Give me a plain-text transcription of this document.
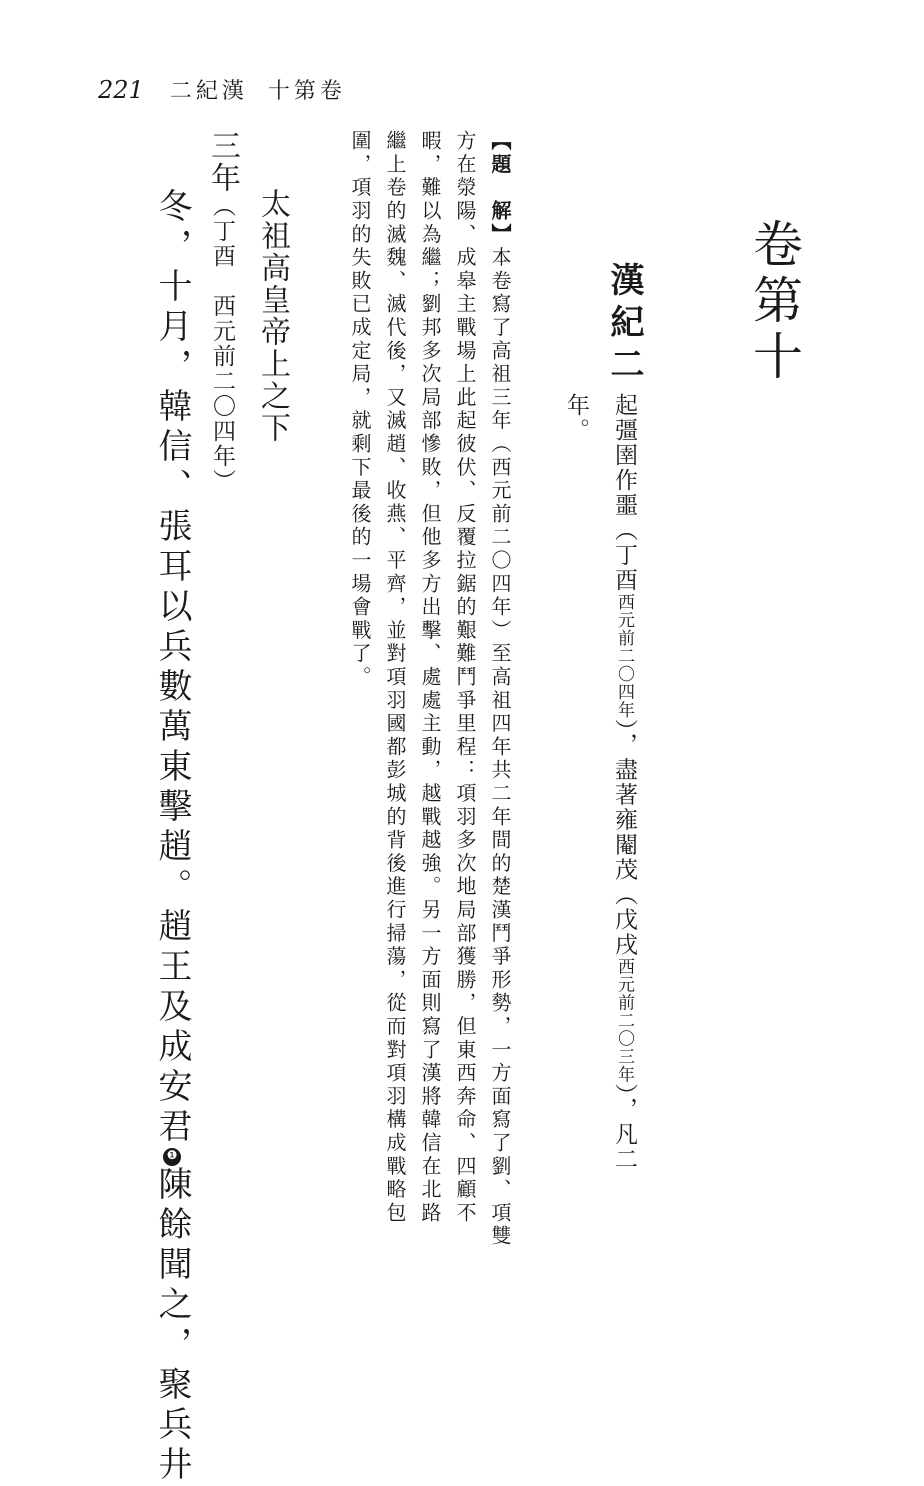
221 二紀漢 十第卷
卷第十
漢紀二
起彊圉作噩（丁酉西元前二〇四年），盡著雍閹茂（戊戌西元前二〇三年），凡二
年。
【題　解】本卷寫了高祖三年（西元前二〇四年）至高祖四年共二年間的楚漢鬥爭形勢，一方面寫了劉、項雙
方在滎陽、成皋主戰場上此起彼伏、反覆拉鋸的艱難鬥爭里程：項羽多次地局部獲勝，但東西奔命、四顧不
暇，難以為繼；劉邦多次局部慘敗，但他多方出擊、處處主動，越戰越強。另一方面則寫了漢將韓信在北路
繼上卷的滅魏、滅代後，又滅趙、收燕、平齊，並對項羽國都彭城的背後進行掃蕩，從而對項羽構成戰略包
圍，項羽的失敗已成定局，就剩下最後的一場會戰了。
太祖高皇帝上之下
三年（丁酉　西元前二〇四年）
冬，十月，韓信、張耳以兵數萬東擊趙。趙王及成安君❶陳餘聞之，聚兵井
